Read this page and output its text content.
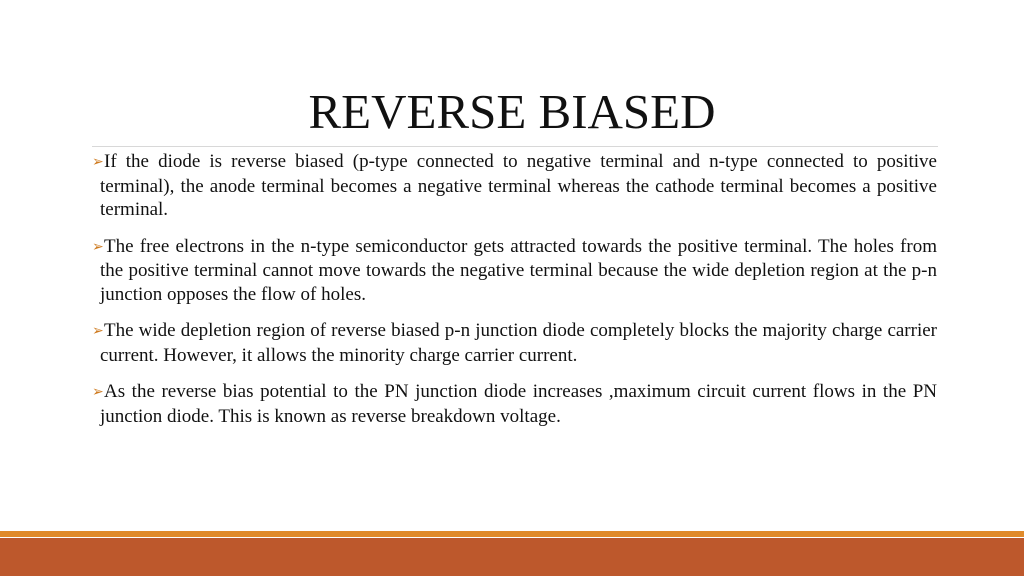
REVERSE BIASED
➢If the diode is reverse biased (p-type connected to negative terminal and n-type connected to positive terminal), the anode terminal becomes a negative terminal whereas the cathode terminal becomes a positive terminal.
➢The free electrons in the n-type semiconductor gets attracted towards the positive terminal. The holes from the positive terminal cannot move towards the negative terminal because the wide depletion region at the p-n junction opposes the flow of holes.
➢The wide depletion region of reverse biased p-n junction diode completely blocks the majority charge carrier current. However, it allows the minority charge carrier current.
➢As the reverse bias potential to the PN junction diode increases ,maximum circuit current flows in the PN junction diode. This is known as reverse breakdown voltage.
